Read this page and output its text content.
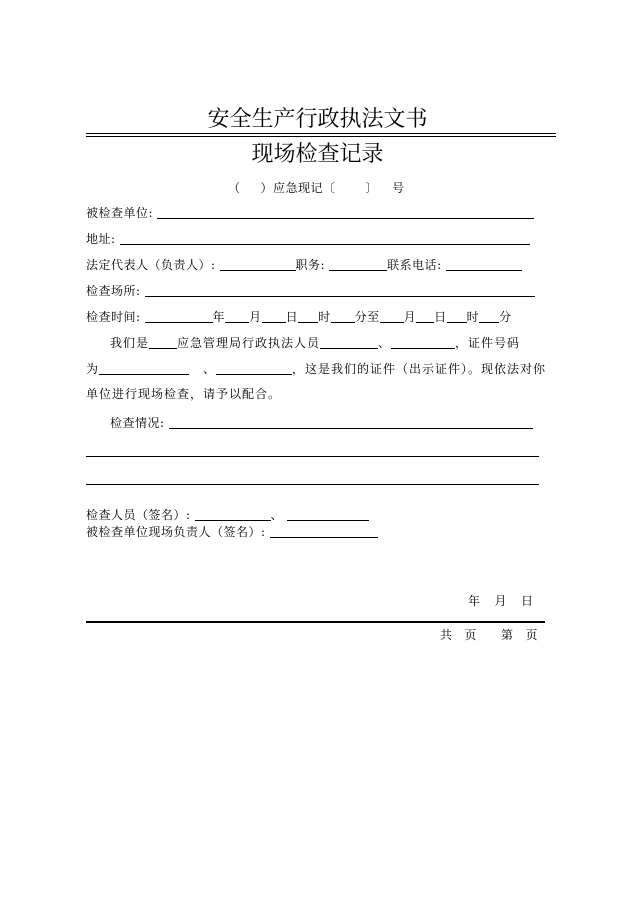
安全生产行政执法文书
现场检查记录
（ ）应急现记〔	〕 号
被检查单位:
地址:
法定代表人（负责人）:	职务:	联系电话:
检查场所:
检查时间:	年 月 日 时 分至 月 日 时 分
我们是 应急管理局行政执法人员	、	，证件号码
为	、	，这是我们的证件（出示证件）。现依法对你
单位进行现场检查，请予以配合。
检查情况:
检查人员（签名）:	、
被检查单位现场负责人（签名）:
年 月 日
共 页 第 页
